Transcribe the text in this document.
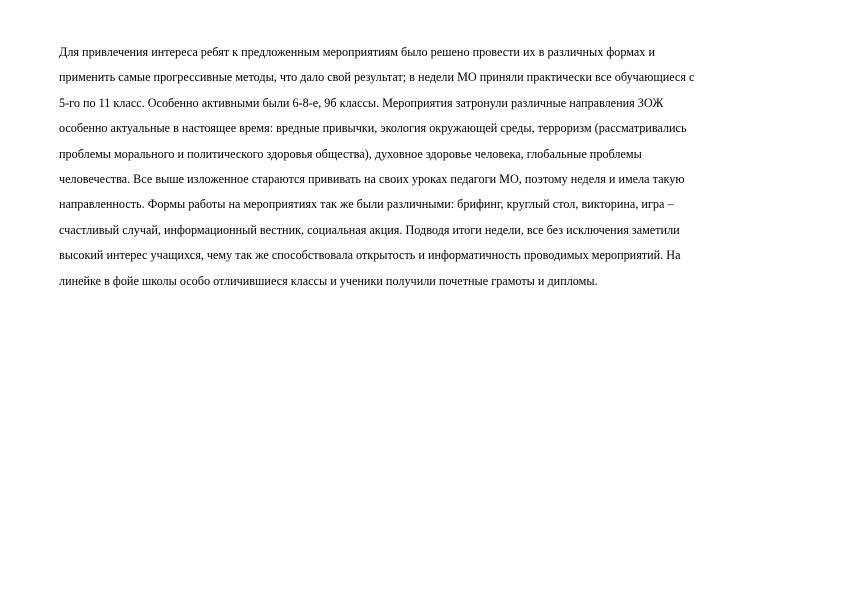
Для привлечения интереса ребят к предложенным мероприятиям было решено провести их в различных формах и
применить самые прогрессивные методы, что дало свой результат; в недели МО приняли практически все обучающиеся с
5-го по 11 класс. Особенно активными были 6-8-е, 9б классы. Мероприятия затронули различные направления ЗОЖ
особенно актуальные в настоящее время: вредные привычки, экология окружающей среды, терроризм (рассматривались
проблемы морального и политического здоровья общества), духовное здоровье человека, глобальные проблемы
человечества. Все выше изложенное стараются прививать на своих уроках педагоги МО, поэтому неделя и имела такую
направленность. Формы работы на мероприятиях так же были различными: брифинг, круглый стол, викторина, игра –
счастливый случай, информационный вестник, социальная акция. Подводя итоги недели, все без исключения заметили
высокий интерес учащихся, чему так же способствовала открытость и информатичность проводимых мероприятий. На
линейке в фойе школы особо отличившиеся классы и ученики получили почетные грамоты и дипломы.
